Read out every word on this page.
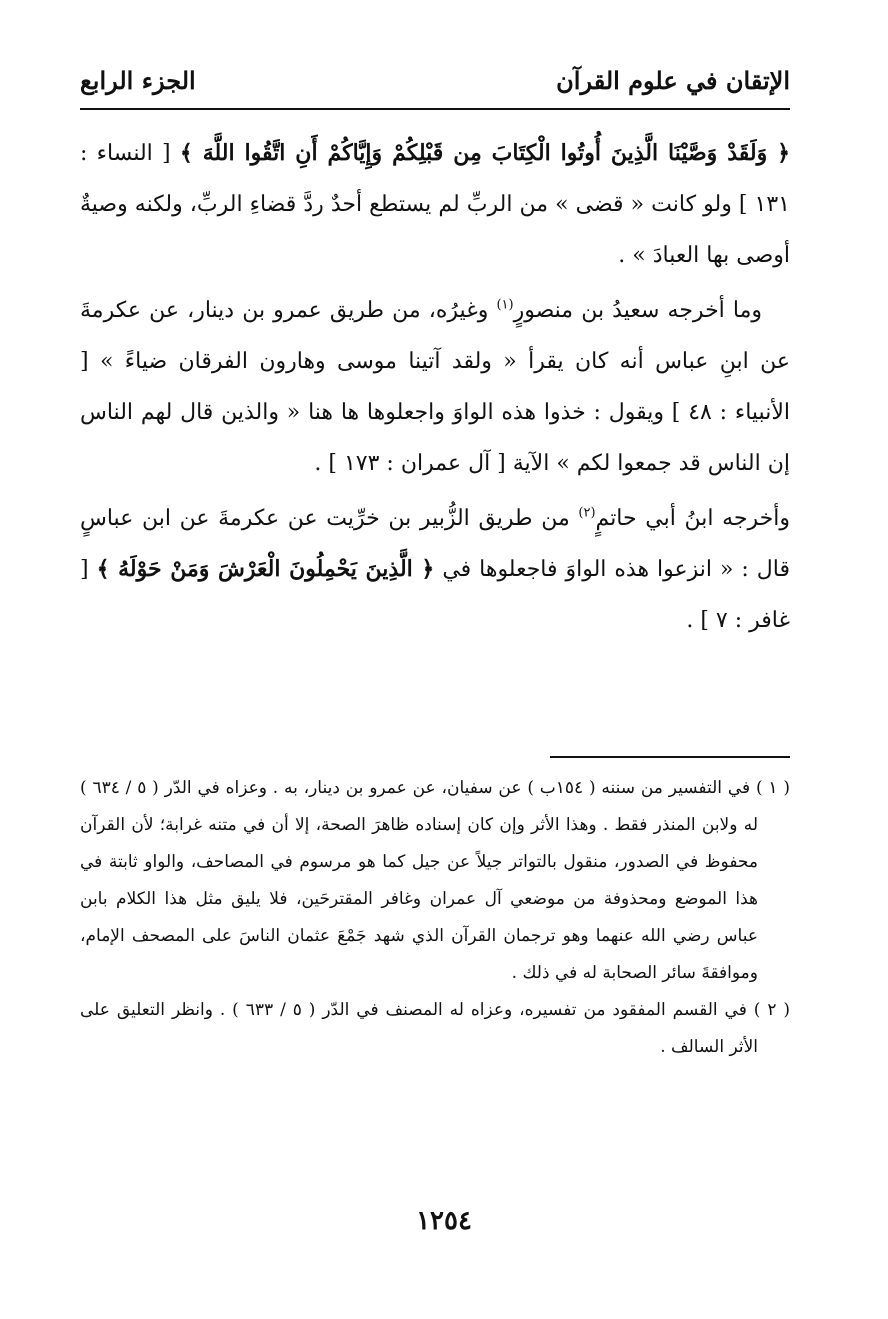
الإتقان في علوم القرآن
الجزء الرابع

﴿ وَلَقَدْ وَصَّيْنَا الَّذِينَ أُوتُوا الْكِتَابَ مِن قَبْلِكُمْ وَإِيَّاكُمْ أَنِ اتَّقُوا اللَّهَ ﴾ [ النساء : ١٣١ ] ولو كانت « قضى » من الربِّ لم يستطع أحدٌ ردَّ قضاءِ الربِّ، ولكنه وصيةٌ أوصى بها العبادَ » .

وما أخرجه سعيدُ بن منصورٍ$^{(١)}$ وغيرُه، من طريق عمرو بن دينار، عن عكرمةَ عن ابنِ عباس أنه كان يقرأ « ولقد آتينا موسى وهارون الفرقان ضياءً » [ الأنبياء : ٤٨ ] ويقول : خذوا هذه الواوَ واجعلوها ها هنا « والذين قال لهم الناس إن الناس قد جمعوا لكم » الآية [ آل عمران : ١٧٣ ] .

وأخرجه ابنُ أبي حاتمٍ$^{(٢)}$ من طريق الزُّبير بن خرِّيت عن عكرمةَ عن ابن عباسٍ قال : « انزعوا هذه الواوَ فاجعلوها في ﴿ الَّذِينَ يَحْمِلُونَ الْعَرْشَ وَمَنْ حَوْلَهُ ﴾ [ غافر : ٧ ] .

( ١ ) في التفسير من سننه ( ١٥٤ب ) عن سفيان، عن عمرو بن دينار، به . وعزاه في الدّر ( ٥ / ٦٣٤ ) له ولابن المنذر فقط . وهذا الأثر وإن كان إسناده ظاهرَ الصحة، إلا أن في متنه غرابة؛ لأن القرآن محفوظ في الصدور، منقول بالتواتر جيلاً عن جيل كما هو مرسوم في المصاحف، والواو ثابتة في هذا الموضع ومحذوفة من موضعي آل عمران وغافر المقترحَين، فلا يليق مثل هذا الكلام بابن عباس رضي الله عنهما وهو ترجمان القرآن الذي شهد جَمْعَ عثمان الناسَ على المصحف الإمام، وموافقةَ سائر الصحابة له في ذلك .

( ٢ ) في القسم المفقود من تفسيره، وعزاه له المصنف في الدّر ( ٥ / ٦٣٣ ) . وانظر التعليق على الأثر السالف .

١٢٥٤
